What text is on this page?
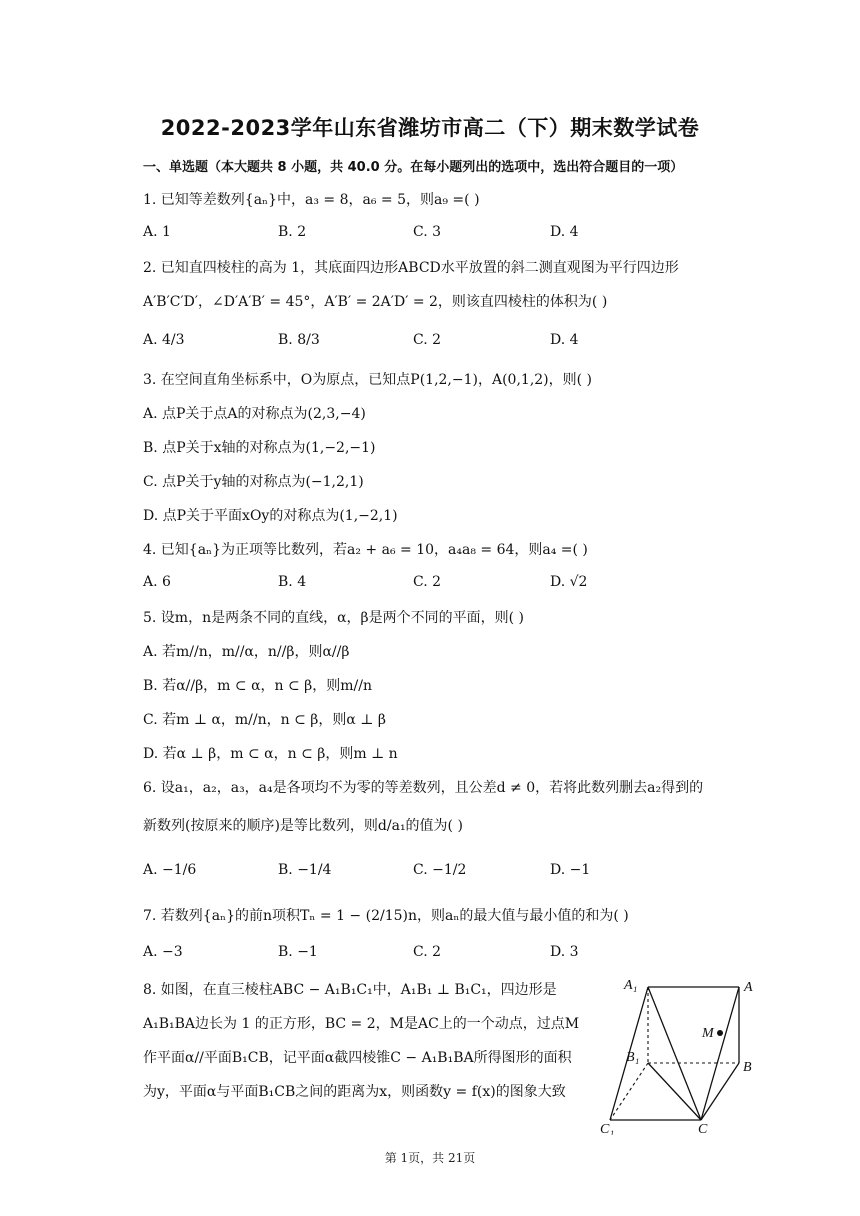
2022-2023学年山东省潍坊市高二（下）期末数学试卷
一、单选题（本大题共 8 小题，共 40.0 分。在每小题列出的选项中，选出符合题目的一项）
1. 已知等差数列{aₙ}中，a₃ = 8，a₆ = 5，则a₉ =( )
A. 1	B. 2	C. 3	D. 4
2. 已知直四棱柱的高为 1，其底面四边形ABCD水平放置的斜二测直观图为平行四边形
A′B′C′D′，∠D′A′B′ = 45°，A′B′ = 2A′D′ = 2，则该直四棱柱的体积为( )
A. 4/3	B. 8/3	C. 2	D. 4
3. 在空间直角坐标系中，O为原点，已知点P(1,2,−1)，A(0,1,2)，则( )
A. 点P关于点A的对称点为(2,3,−4)
B. 点P关于x轴的对称点为(1,−2,−1)
C. 点P关于y轴的对称点为(−1,2,1)
D. 点P关于平面xOy的对称点为(1,−2,1)
4. 已知{aₙ}为正项等比数列，若a₂ + a₆ = 10，a₄a₈ = 64，则a₄ =( )
A. 6	B. 4	C. 2	D. √2
5. 设m，n是两条不同的直线，α，β是两个不同的平面，则( )
A. 若m//n，m//α，n//β，则α//β
B. 若α//β，m ⊂ α，n ⊂ β，则m//n
C. 若m ⊥ α，m//n，n ⊂ β，则α ⊥ β
D. 若α ⊥ β，m ⊂ α，n ⊂ β，则m ⊥ n
6. 设a₁，a₂，a₃，a₄是各项均不为零的等差数列，且公差d ≠ 0，若将此数列删去a₂得到的
新数列(按原来的顺序)是等比数列，则d/a₁的值为( )
A. −1/6	B. −1/4	C. −1/2	D. −1
7. 若数列{aₙ}的前n项积Tₙ = 1 − (2/15)n，则aₙ的最大值与最小值的和为( )
A. −3	B. −1	C. 2	D. 3
8. 如图，在直三棱柱ABC − A₁B₁C₁中，A₁B₁ ⊥ B₁C₁，四边形是
A₁B₁BA边长为 1 的正方形，BC = 2，M是AC上的一个动点，过点M
作平面α//平面B₁CB，记平面α截四棱锥C − A₁B₁BA所得图形的面积
为y，平面α与平面B₁CB之间的距离为x，则函数y = f(x)的图象大致
A₁	A
M
B₁
B
C₁	C
第 1页，共 21页
